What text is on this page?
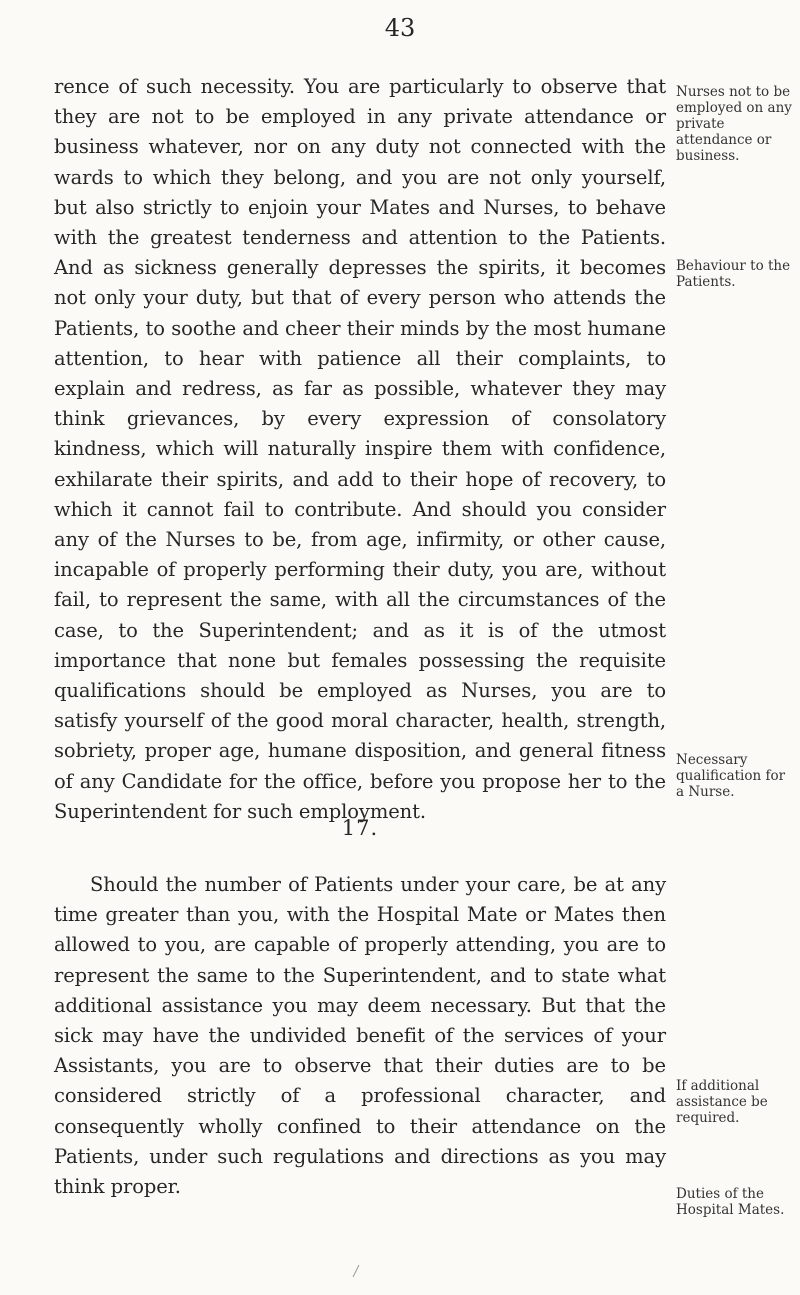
43
rence of such necessity. You are particularly to observe that they are not to be employed in any private attendance or business whatever, nor on any duty not connected with the wards to which they belong, and you are not only yourself, but also strictly to enjoin your Mates and Nurses, to behave with the greatest tenderness and attention to the Patients. And as sickness generally depresses the spirits, it becomes not only your duty, but that of every person who attends the Patients, to soothe and cheer their minds by the most humane attention, to hear with patience all their complaints, to explain and redress, as far as possible, whatever they may think grievances, by every expression of consolatory kindness, which will naturally inspire them with confidence, exhilarate their spirits, and add to their hope of recovery, to which it cannot fail to contribute. And should you consider any of the Nurses to be, from age, infirmity, or other cause, incapable of properly performing their duty, you are, without fail, to represent the same, with all the circumstances of the case, to the Superintendent; and as it is of the utmost importance that none but females possessing the requisite qualifications should be employed as Nurses, you are to satisfy yourself of the good moral character, health, strength, sobriety, proper age, humane disposition, and general fitness of any Candidate for the office, before you propose her to the Superintendent for such employment.
17.
Should the number of Patients under your care, be at any time greater than you, with the Hospital Mate or Mates then allowed to you, are capable of properly attending, you are to represent the same to the Superintendent, and to state what additional assistance you may deem necessary. But that the sick may have the undivided benefit of the services of your Assistants, you are to observe that their duties are to be considered strictly of a professional character, and consequently wholly confined to their attendance on the Patients, under such regulations and directions as you may think proper.
Nurses not to be employed on any private attendance or business.
Behaviour to the Patients.
Necessary qualification for a Nurse.
If additional assistance be required.
Duties of the Hospital Mates.
